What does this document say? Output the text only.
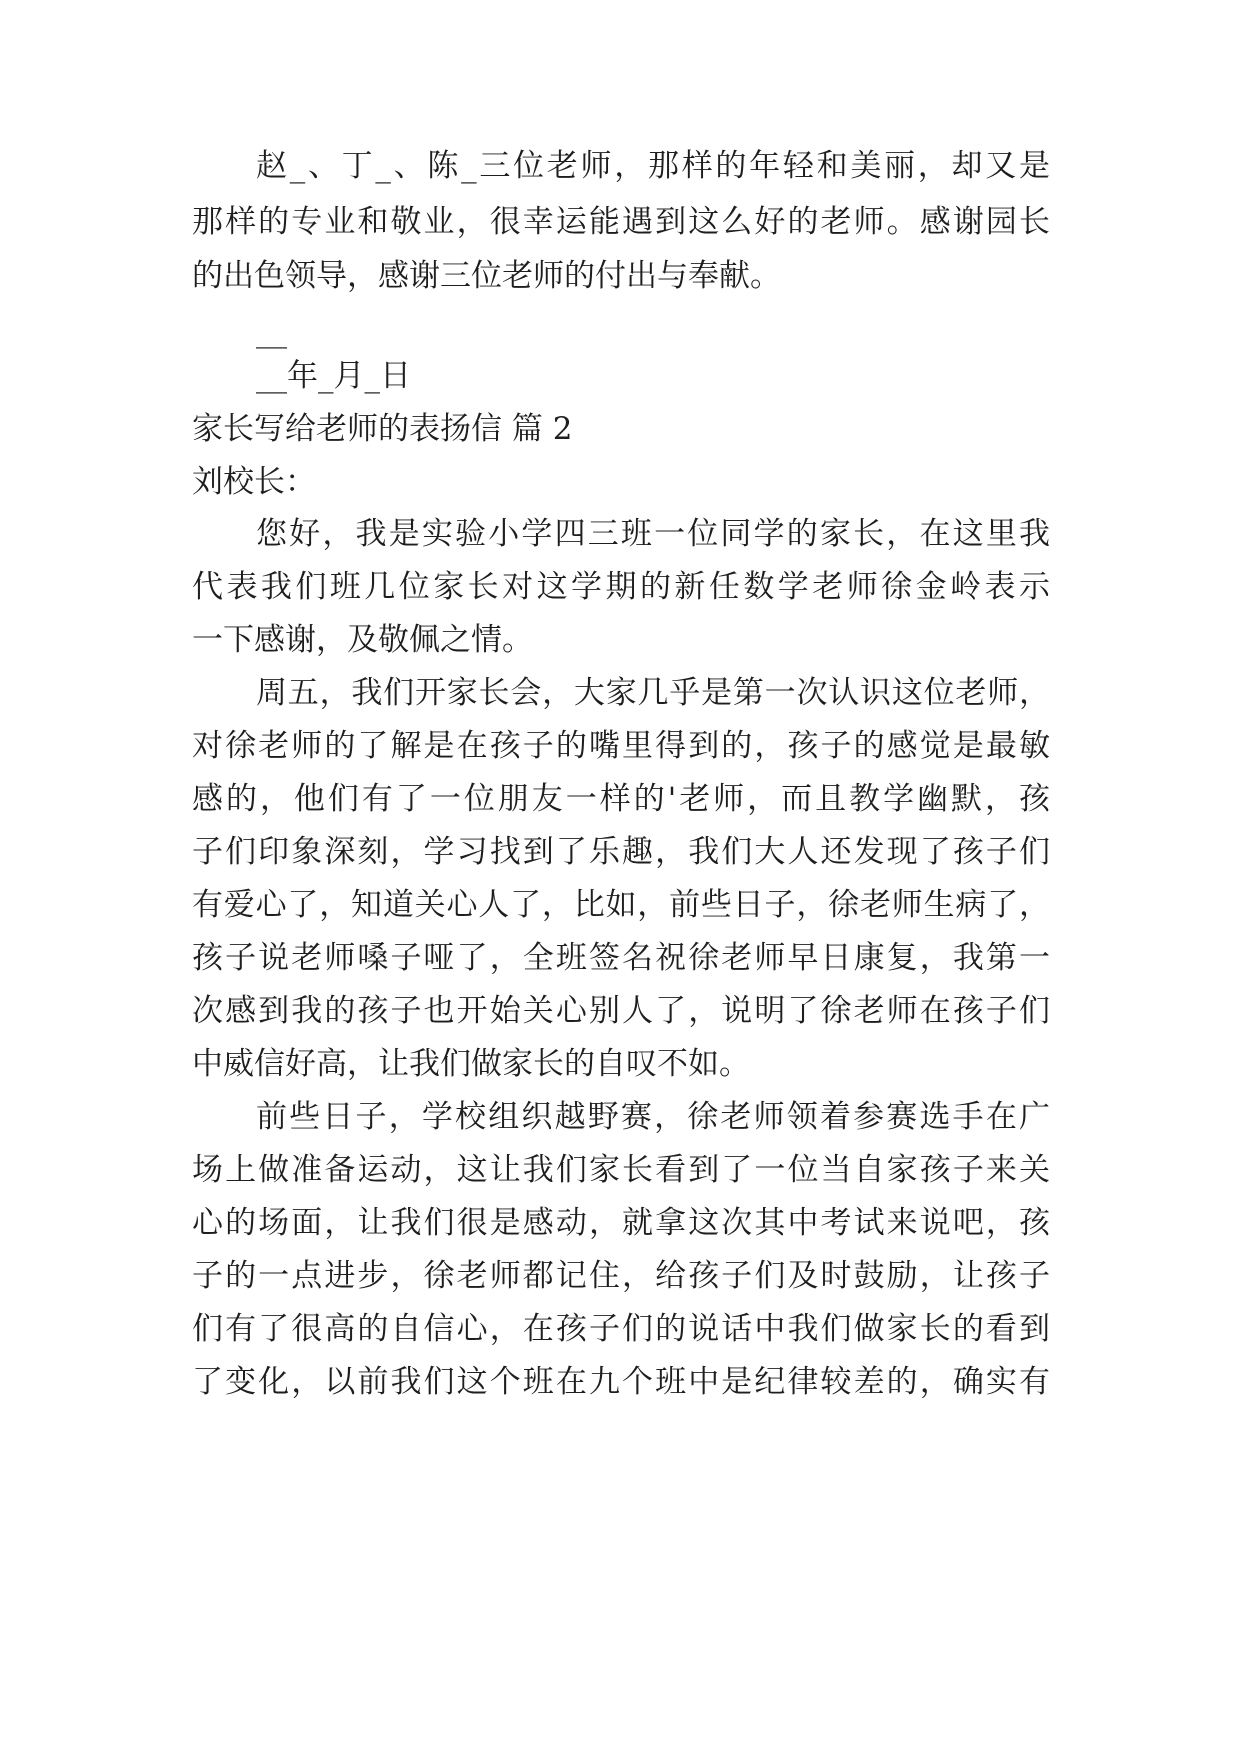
赵_、丁_、陈_三位老师，那样的年轻和美丽，却又是
那样的专业和敬业，很幸运能遇到这么好的老师。感谢园长
的出色领导，感谢三位老师的付出与奉献。
__
__年_月_日
家长写给老师的表扬信 篇 2
刘校长：
您好，我是实验小学四三班一位同学的家长，在这里我
代表我们班几位家长对这学期的新任数学老师徐金岭表示
一下感谢，及敬佩之情。
周五，我们开家长会，大家几乎是第一次认识这位老师，
对徐老师的了解是在孩子的嘴里得到的，孩子的感觉是最敏
感的，他们有了一位朋友一样的'老师，而且教学幽默，孩
子们印象深刻，学习找到了乐趣，我们大人还发现了孩子们
有爱心了，知道关心人了，比如，前些日子，徐老师生病了，
孩子说老师嗓子哑了，全班签名祝徐老师早日康复，我第一
次感到我的孩子也开始关心别人了，说明了徐老师在孩子们
中威信好高，让我们做家长的自叹不如。
前些日子，学校组织越野赛，徐老师领着参赛选手在广
场上做准备运动，这让我们家长看到了一位当自家孩子来关
心的场面，让我们很是感动，就拿这次其中考试来说吧，孩
子的一点进步，徐老师都记住，给孩子们及时鼓励，让孩子
们有了很高的自信心，在孩子们的说话中我们做家长的看到
了变化，以前我们这个班在九个班中是纪律较差的，确实有
